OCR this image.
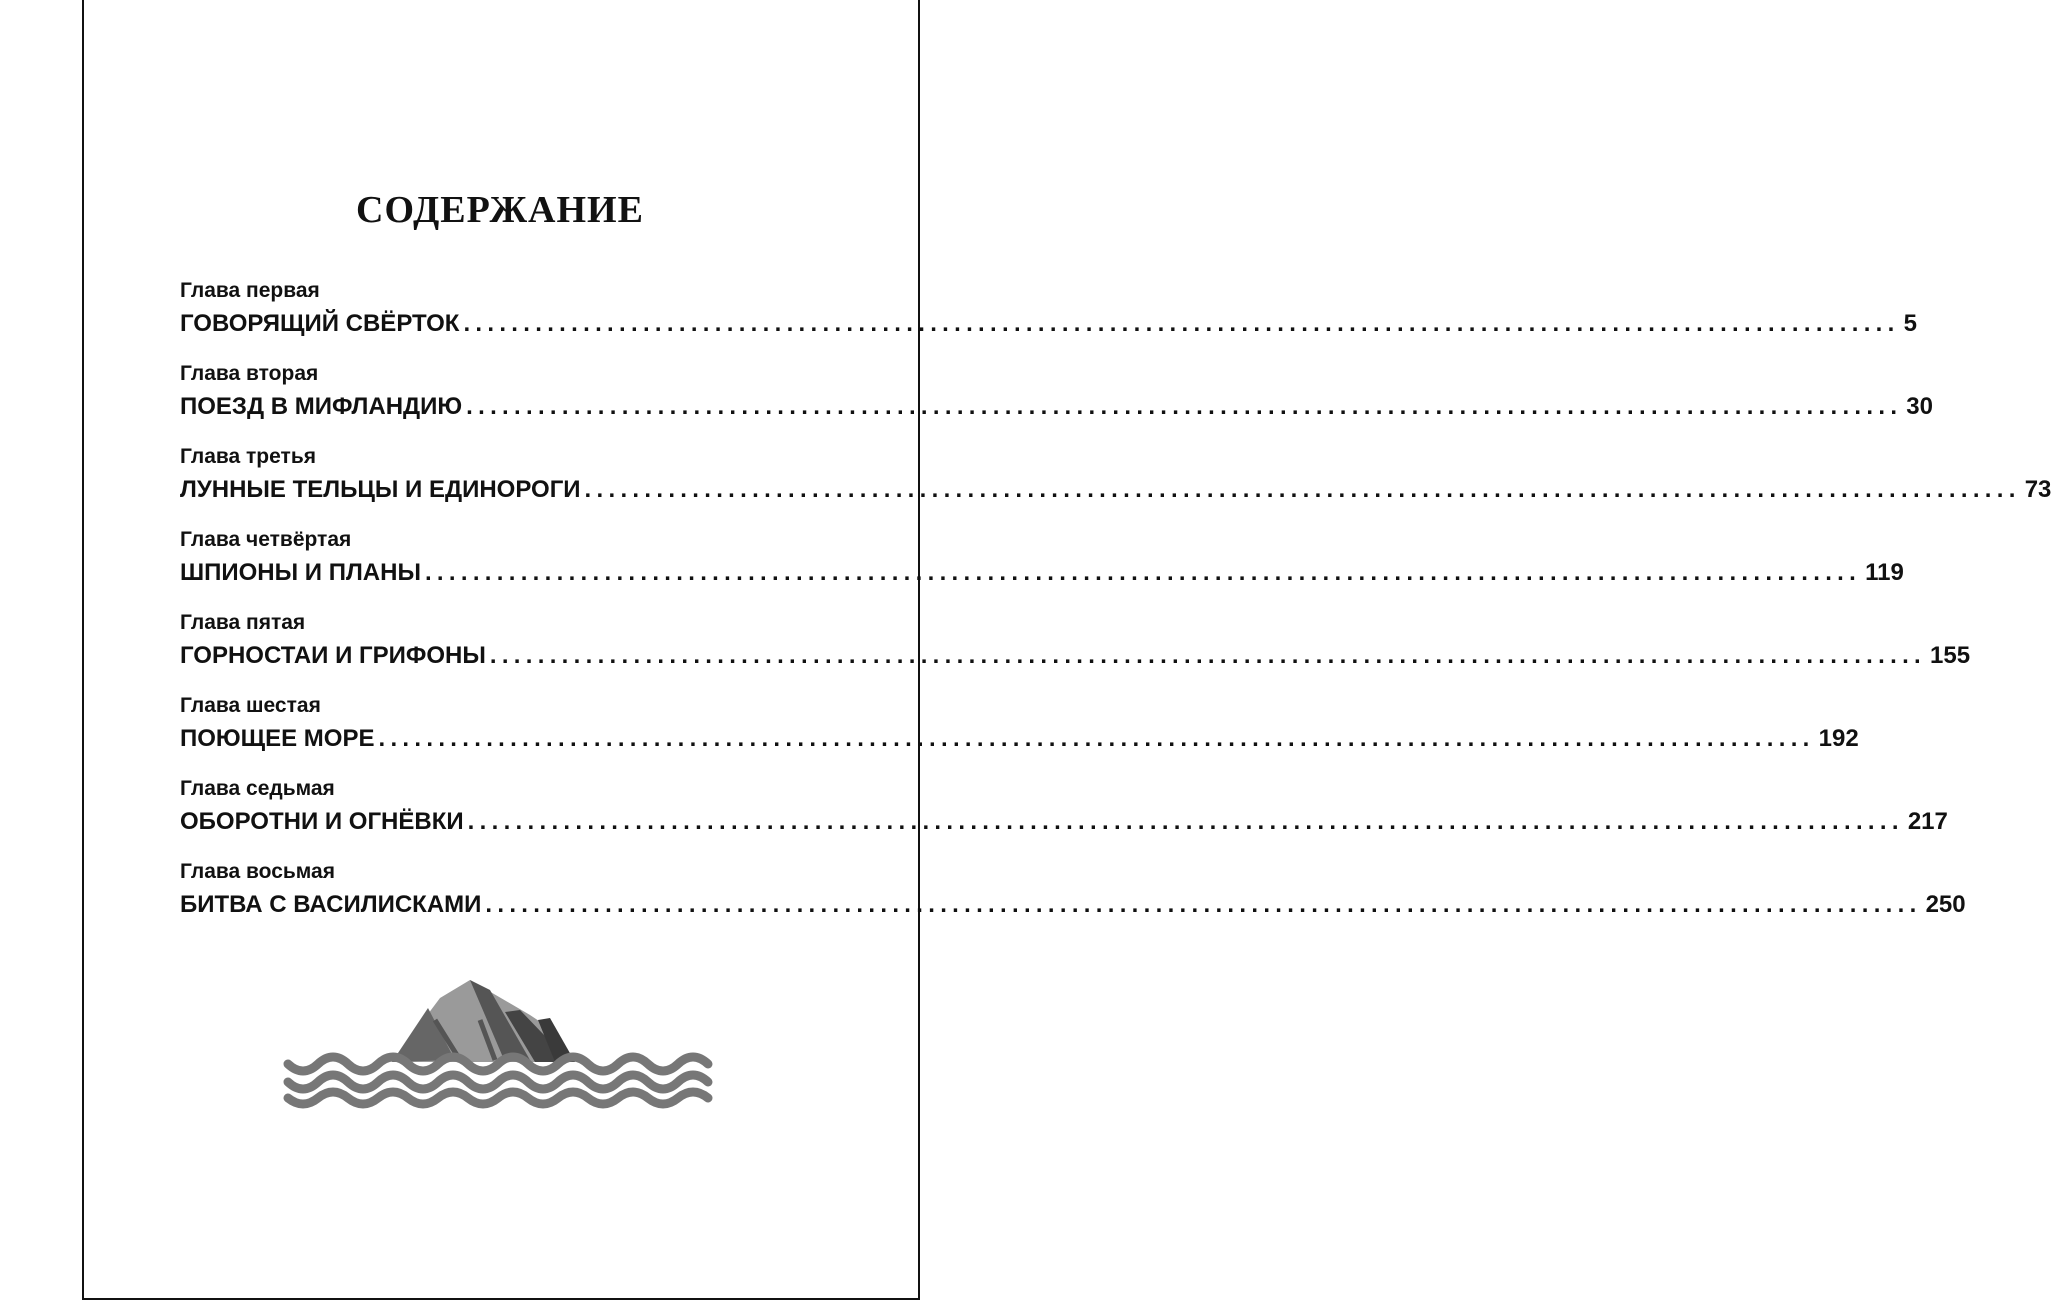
СОДЕРЖАНИЕ
Глава первая
ГОВОРЯЩИЙ СВЁРТОК ........................................................................................................................ 5
Глава вторая
ПОЕЗД В МИФЛАНДИЮ ........................................................................................................................ 30
Глава третья
ЛУННЫЕ ТЕЛЬЦЫ И ЕДИНОРОГИ ........................................................................................................................ 73
Глава четвёртая
ШПИОНЫ И ПЛАНЫ ........................................................................................................................ 119
Глава пятая
ГОРНОСТАИ И ГРИФОНЫ ........................................................................................................................ 155
Глава шестая
ПОЮЩЕЕ МОРЕ ........................................................................................................................ 192
Глава седьмая
ОБОРОТНИ И ОГНЁВКИ ........................................................................................................................ 217
Глава восьмая
БИТВА С ВАСИЛИСКАМИ ........................................................................................................................ 250
